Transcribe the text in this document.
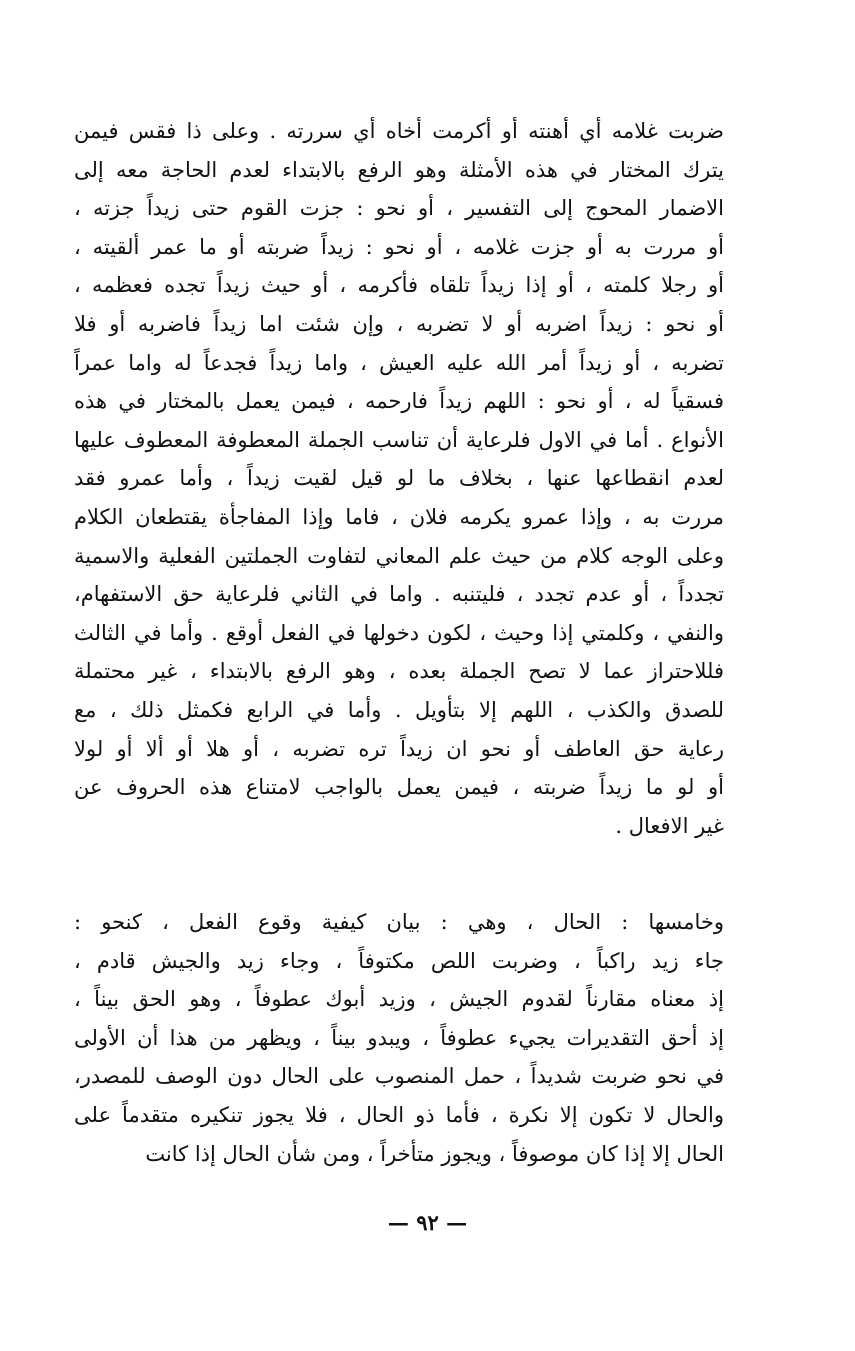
ضربت غلامه أي أهنته أو أكرمت أخاه أي سررته . وعلى ذا فقس فيمن
يترك المختار في هذه الأمثلة وهو الرفع بالابتداء لعدم الحاجة معه إلى
الاضمار المحوج إلى التفسير ، أو نحو : جزت القوم حتى زيداً جزته ،
أو مررت به أو جزت غلامه ، أو نحو : زيداً ضربته أو ما عمر ألقيته ،
أو رجلا كلمته ، أو إذا زيداً تلقاه فأكرمه ، أو حيث زيداً تجده فعظمه ،
أو نحو : زيداً اضربه أو لا تضربه ، وإن شئت اما زيداً فاضربه أو فلا
تضربه ، أو زيداً أمر الله عليه العيش ، واما زيداً فجدعاً له واما عمراً
فسقياً له ، أو نحو : اللهم زيداً فارحمه ، فيمن يعمل بالمختار في هذه
الأنواع . أما في الاول فلرعاية أن تناسب الجملة المعطوفة المعطوف عليها
لعدم انقطاعها عنها ، بخلاف ما لو قيل لقيت زيداً ، وأما عمرو فقد
مررت به ، وإذا عمرو يكرمه فلان ، فاما وإذا المفاجأة يقتطعان الكلام
وعلى الوجه كلام من حيث علم المعاني لتفاوت الجملتين الفعلية والاسمية
تجدداً ، أو عدم تجدد ، فليتنبه . واما في الثاني فلرعاية حق الاستفهام،
والنفي ، وكلمتي إذا وحيث ، لكون دخولها في الفعل أوقع . وأما في الثالث
فللاحتراز عما لا تصح الجملة بعده ، وهو الرفع بالابتداء ، غير محتملة
للصدق والكذب ، اللهم إلا بتأويل . وأما في الرابع فكمثل ذلك ، مع
رعاية حق العاطف أو نحو ان زيداً تره تضربه ، أو هلا أو ألا أو لولا
أو لو ما زيداً ضربته ، فيمن يعمل بالواجب لامتناع هذه الحروف عن
غير الافعال .
وخامسها : الحال ، وهي : بيان كيفية وقوع الفعل ، كنحو :
جاء زيد راكباً ، وضربت اللص مكتوفاً ، وجاء زيد والجيش قادم ،
إذ معناه مقارناً لقدوم الجيش ، وزيد أبوك عطوفاً ، وهو الحق بيناً ،
إذ أحق التقديرات يجيء عطوفاً ، ويبدو بيناً ، ويظهر من هذا أن الأولى
في نحو ضربت شديداً ، حمل المنصوب على الحال دون الوصف للمصدر،
والحال لا تكون إلا نكرة ، فأما ذو الحال ، فلا يجوز تنكيره متقدماً على
الحال إلا إذا كان موصوفاً ، ويجوز متأخراً ، ومن شأن الحال إذا كانت
— ٩٢ —
